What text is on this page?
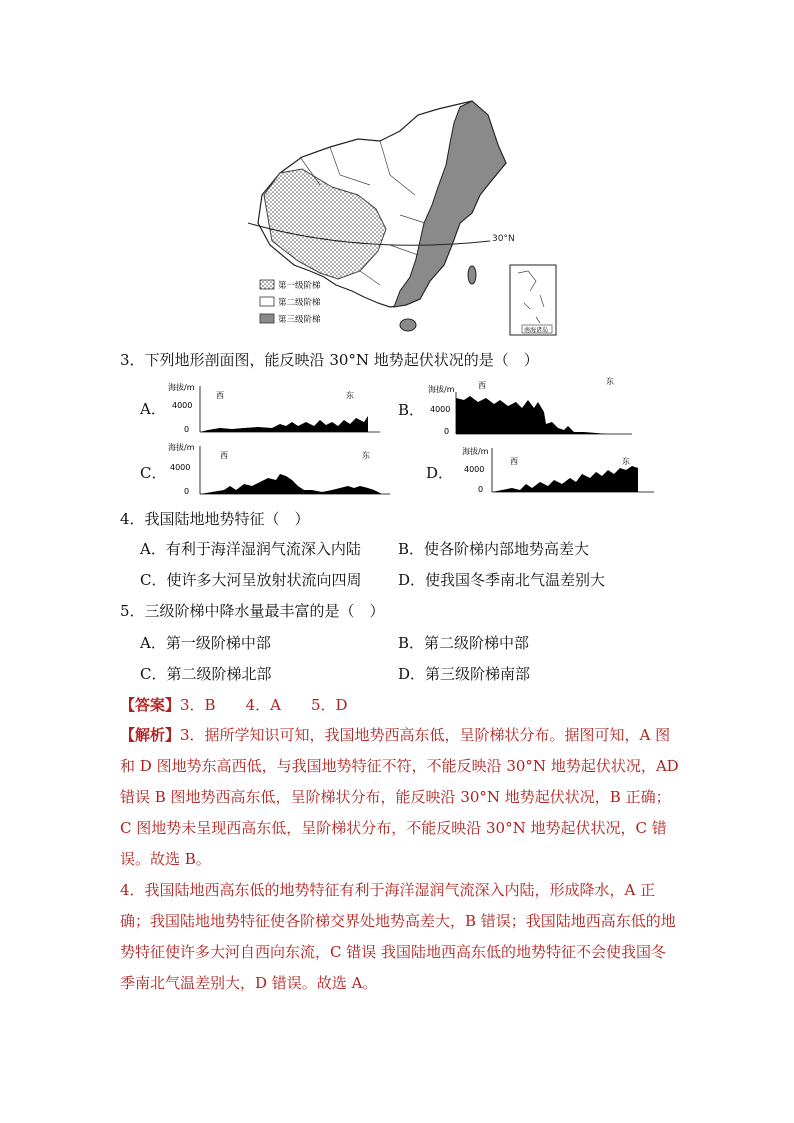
30°N
第一级阶梯
第二级阶梯
第三级阶梯
南海诸岛
3．下列地形剖面图，能反映沿 30°N 地势起伏状况的是（　）
A．
海拔/m
4000
0
西	东
B．
海拔/m
4000
0
西	东
C．
海拔/m
4000
0
西	东
D．
海拔/m
4000
0
西	东
4．我国陆地地势特征（　）
A．有利于海洋湿润气流深入内陆 B．使各阶梯内部地势高差大
C．使许多大河呈放射状流向四周 D．使我国冬季南北气温差别大
5．三级阶梯中降水量最丰富的是（　）
A．第一级阶梯中部	B．第二级阶梯中部
C．第二级阶梯北部	D．第三级阶梯南部
【答案】3．B　　4．A　　5．D

【解析】3．据所学知识可知，我国地势西高东低，呈阶梯状分布。据图可知，A 图和 D 图地势东高西低，与我国地势特征不符，不能反映沿 30°N 地势起伏状况，AD 错误 B 图地势西高东低，呈阶梯状分布，能反映沿 30°N 地势起伏状况，B 正确；C 图地势未呈现西高东低，呈阶梯状分布，不能反映沿 30°N 地势起伏状况，C 错误。故选 B。

4．我国陆地西高东低的地势特征有利于海洋湿润气流深入内陆，形成降水，A 正确；我国陆地地势特征使各阶梯交界处地势高差大，B 错误；我国陆地西高东低的地势特征使许多大河自西向东流，C 错误 我国陆地西高东低的地势特征不会使我国冬季南北气温差别大，D 错误。故选 A。
